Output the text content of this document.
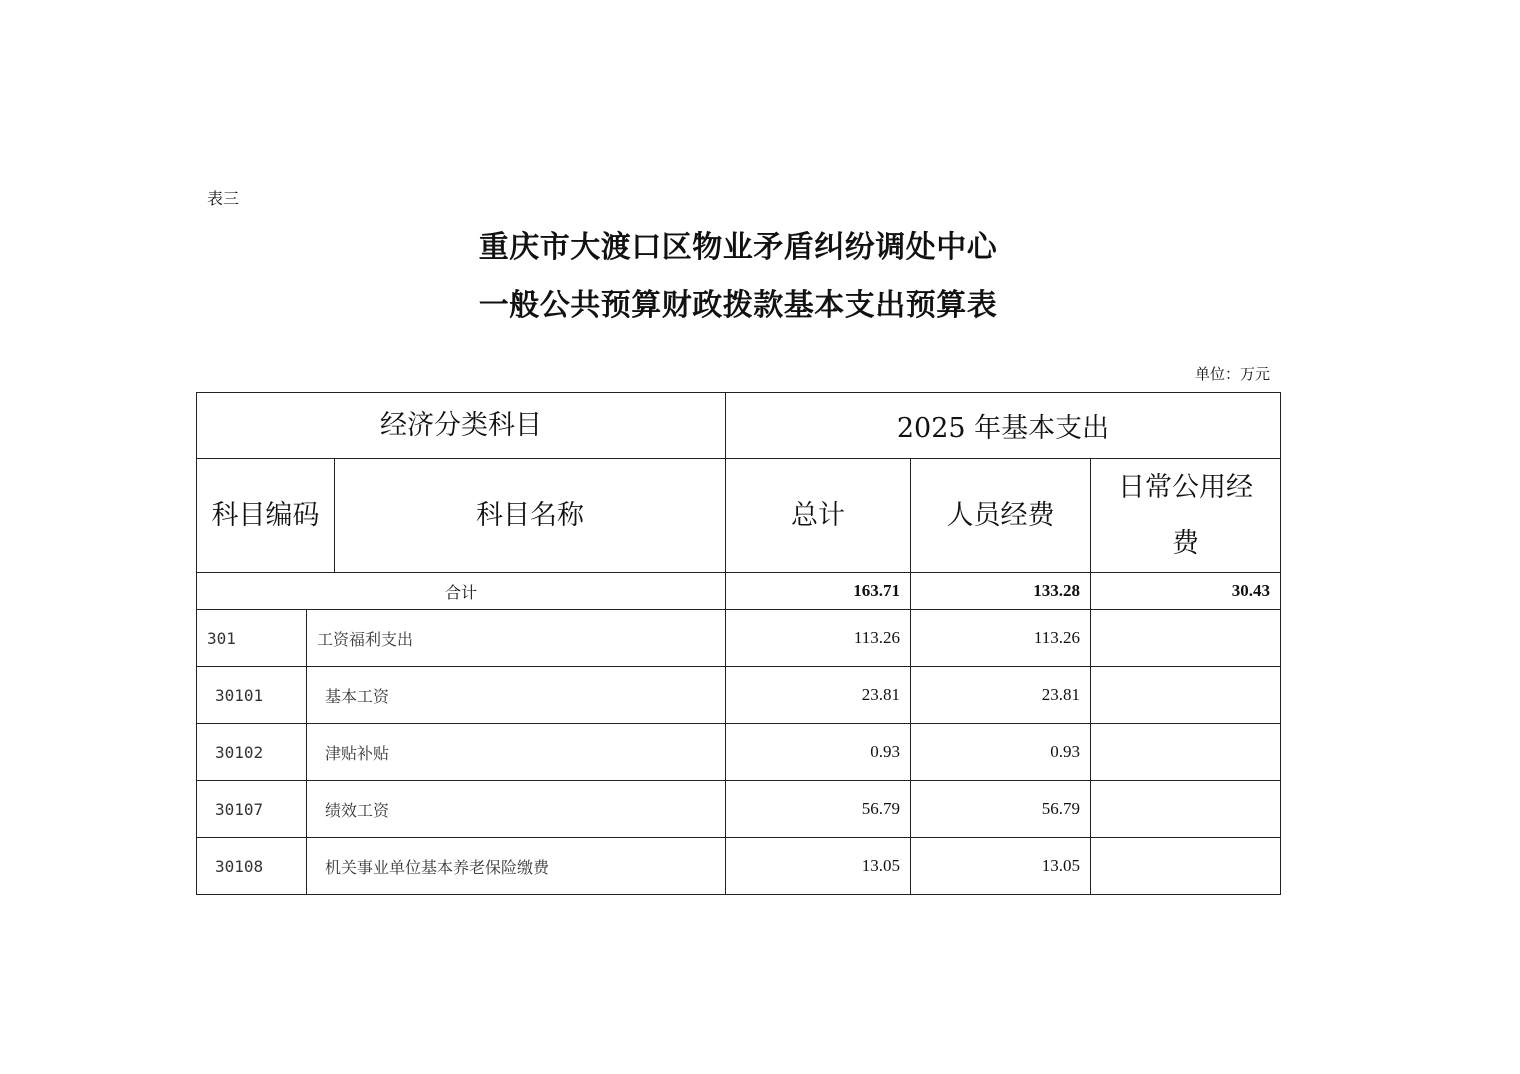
表三
重庆市大渡口区物业矛盾纠纷调处中心
一般公共预算财政拨款基本支出预算表
单位：万元
经济分类科目			2025 年基本支出		
科目编码		科目名称	总计	人员经费	日常公用经费
合计			163.71	133.28	30.43
301	工资福利支出		113.26	113.26	
30101	基本工资		23.81	23.81	
30102	津贴补贴		0.93	0.93	
30107	绩效工资		56.79	56.79	
30108	机关事业单位基本养老保险缴费		13.05	13.05	
